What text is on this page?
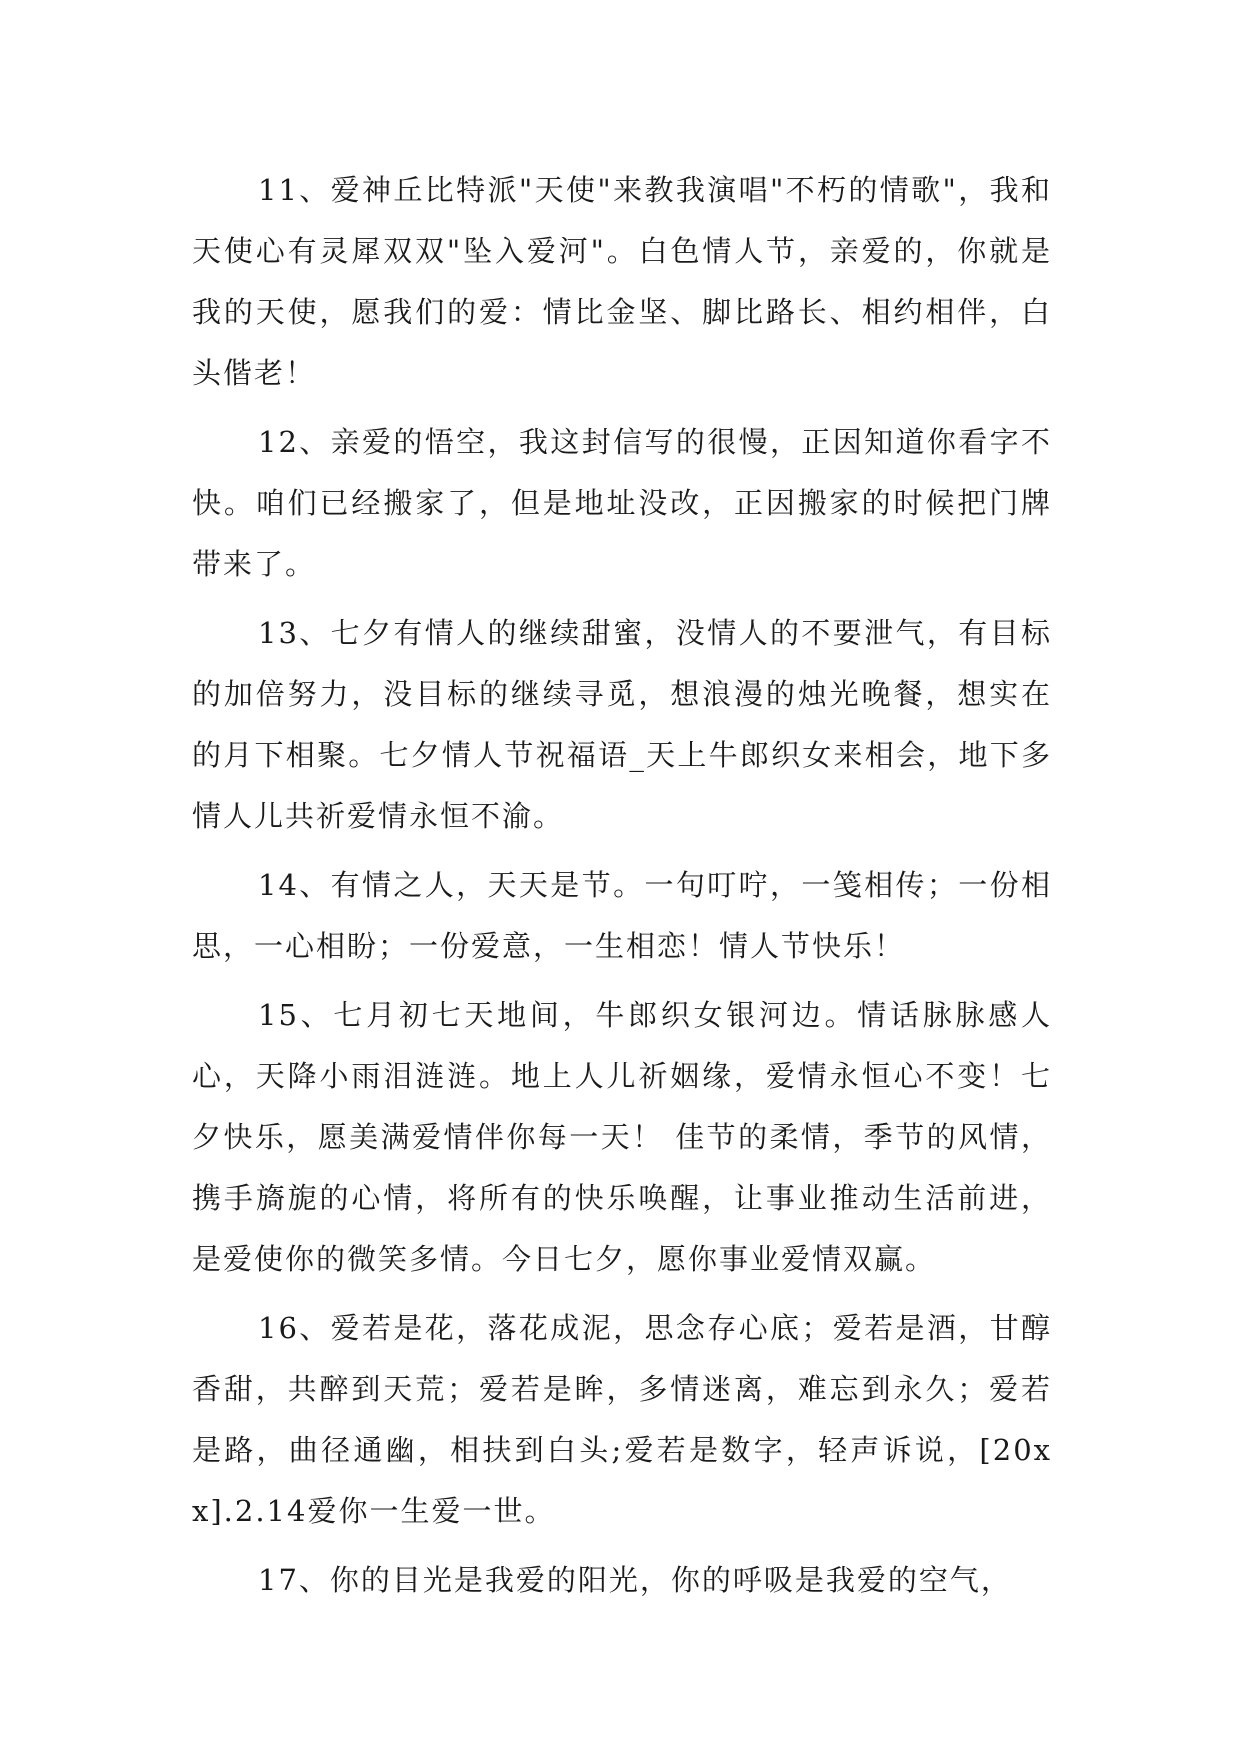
11、爱神丘比特派"天使"来教我演唱"不朽的情歌"，我和天使心有灵犀双双"坠入爱河"。白色情人节，亲爱的，你就是我的天使，愿我们的爱：情比金坚、脚比路长、相约相伴，白头偕老！

12、亲爱的悟空，我这封信写的很慢，正因知道你看字不快。咱们已经搬家了，但是地址没改，正因搬家的时候把门牌带来了。

13、七夕有情人的继续甜蜜，没情人的不要泄气，有目标的加倍努力，没目标的继续寻觅，想浪漫的烛光晚餐，想实在的月下相聚。七夕情人节祝福语_天上牛郎织女来相会，地下多情人儿共祈爱情永恒不渝。

14、有情之人，天天是节。一句叮咛，一笺相传；一份相思，一心相盼；一份爱意，一生相恋！情人节快乐！

15、七月初七天地间，牛郎织女银河边。情话脉脉感人心，天降小雨泪涟涟。地上人儿祈姻缘，爱情永恒心不变！七夕快乐，愿美满爱情伴你每一天！ 佳节的柔情，季节的风情，携手旖旎的心情，将所有的快乐唤醒，让事业推动生活前进，是爱使你的微笑多情。今日七夕，愿你事业爱情双赢。

16、爱若是花，落花成泥，思念存心底；爱若是酒，甘醇香甜，共醉到天荒；爱若是眸，多情迷离，难忘到永久；爱若是路，曲径通幽，相扶到白头;爱若是数字，轻声诉说，[20xx].2.14爱你一生爱一世。

17、你的目光是我爱的阳光，你的呼吸是我爱的空气，
